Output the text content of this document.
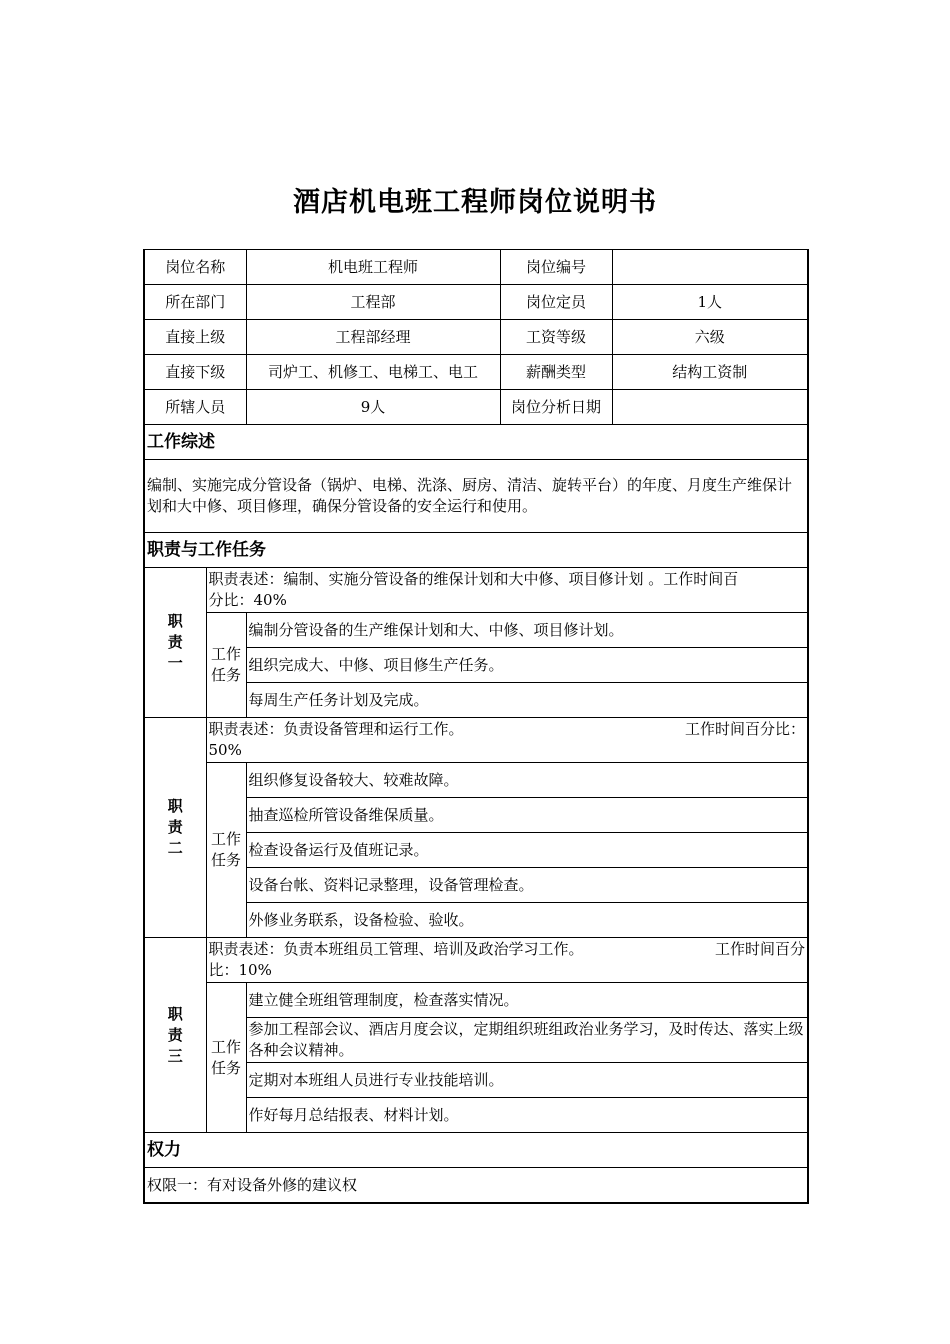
酒店机电班工程师岗位说明书
岗位名称		机电班工程师	岗位编号	
所在部门		工程部	岗位定员	1人
直接上级		工程部经理	工资等级	六级
直接下级		司炉工、机修工、电梯工、电工	薪酬类型	结构工资制
所辖人员		9人	岗位分析日期	
工作综述				
编制、实施完成分管设备（锅炉、电梯、洗涤、厨房、清洁、旋转平台）的年度、月度生产维保计划和大中修、项目修理，确保分管设备的安全运行和使用。				
职责与工作任务				
职责一	职责表述：编制、实施分管设备的维保计划和大中修、项目修计划 。工作时间百
分比：40%			
	工作任务	编制分管设备的生产维保计划和大、中修、项目修计划。		
		组织完成大、中修、项目修生产任务。		
		每周生产任务计划及完成。		
职责二	职责表述：负责设备管理和运行工作。 工作时间百分比：

50%			
	工作任务	组织修复设备较大、较难故障。		
		抽查巡检所管设备维保质量。		
		检查设备运行及值班记录。		
		设备台帐、资料记录整理，设备管理检查。		
		外修业务联系，设备检验、验收。		
职责三	职责表述：负责本班组员工管理、培训及政治学习工作。 工作时间百分

比：10%			
	工作任务	建立健全班组管理制度，检查落实情况。		
		参加工程部会议、酒店月度会议，定期组织班组政治业务学习，及时传达、落实上级各种会议精神。		
		定期对本班组人员进行专业技能培训。		
		作好每月总结报表、材料计划。		
权力				
权限一：有对设备外修的建议权				
